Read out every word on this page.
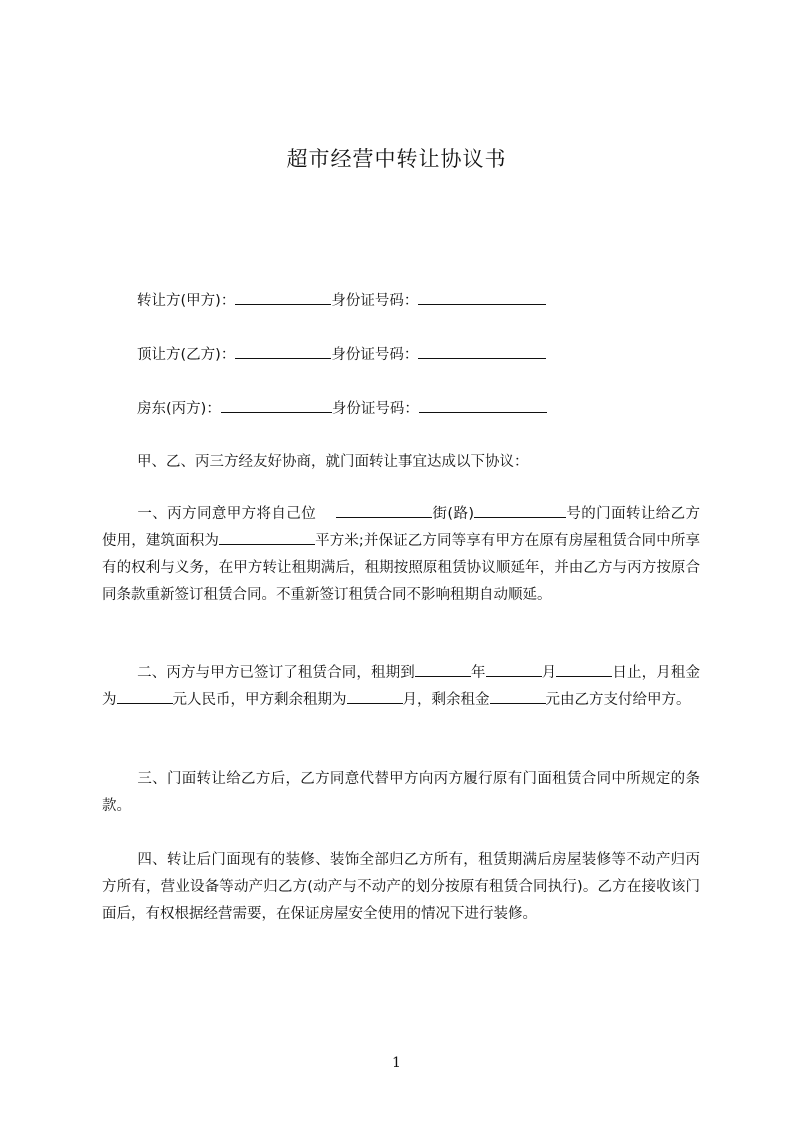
超市经营中转让协议书
转让方(甲方)：	身份证号码：
顶让方(乙方)：	身份证号码：
房东(丙方)：	身份证号码：
甲、乙、丙三方经友好协商，就门面转让事宜达成以下协议：
一、丙方同意甲方将自己位	街(路)	号的门面转让给乙方使用，建筑面积为	平方米;并保证乙方同等享有甲方在原有房屋租赁合同中所享有的权利与义务，在甲方转让租期满后，租期按照原租赁协议顺延年，并由乙方与丙方按原合同条款重新签订租赁合同。不重新签订租赁合同不影响租期自动顺延。
二、丙方与甲方已签订了租赁合同，租期到	年	月	日止，月租金为	元人民币，甲方剩余租期为	月，剩余租金	元由乙方支付给甲方。
三、门面转让给乙方后，乙方同意代替甲方向丙方履行原有门面租赁合同中所规定的条款。
四、转让后门面现有的装修、装饰全部归乙方所有，租赁期满后房屋装修等不动产归丙方所有，营业设备等动产归乙方(动产与不动产的划分按原有租赁合同执行)。乙方在接收该门面后，有权根据经营需要，在保证房屋安全使用的情况下进行装修。
1
